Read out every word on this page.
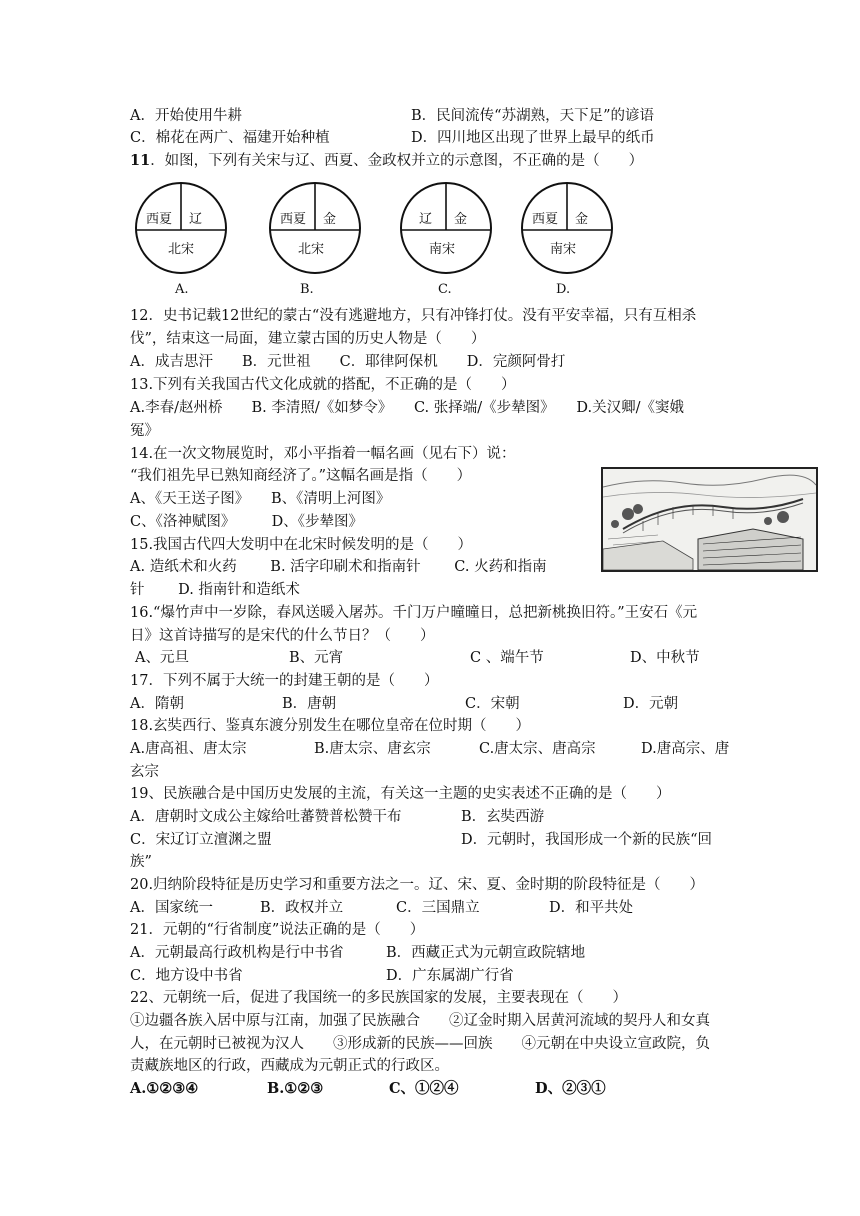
A．开始使用牛耕	B．民间流传“苏湖熟，天下足”的谚语
C．棉花在两广、福建开始种植	D．四川地区出现了世界上最早的纸币
11．如图，下列有关宋与辽、西夏、金政权并立的示意图，不正确的是（　　）
西夏 辽
北宋
A.
西夏 金
北宋
B.
辽 金
南宋
C.
西夏 金
南宋
D.
12．史书记载12世纪的蒙古“没有逃避地方，只有冲锋打仗。没有平安幸福，只有互相杀
伐”，结束这一局面，建立蒙古国的历史人物是（　　）
A．成吉思汗　　B．元世祖　　C．耶律阿保机　　D．完颜阿骨打
13.下列有关我国古代文化成就的搭配，不正确的是（　　）
A.李春/赵州桥　　B. 李清照/《如梦令》　　C. 张择端/《步辇图》　　D.关汉卿/《窦娥
冤》
14.在一次文物展览时，邓小平指着一幅名画（见右下）说：
“我们祖先早已熟知商经济了。”这幅名画是指（　　）
A、《天王送子图》　　B、《清明上河图》
C、《洛神赋图》　　　D、《步辇图》
15.我国古代四大发明中在北宋时候发明的是（　　）
A. 造纸术和火药　　 B. 活字印刷术和指南针　　 C. 火药和指南
针　　 D. 指南针和造纸术
16.“爆竹声中一岁除，春风送暖入屠苏。千门万户曈曈日，总把新桃换旧符。”王安石《元
日》这首诗描写的是宋代的什么节日？（　　）
A、元旦	B、元宵	C 、端午节	D、中秋节
17．下列不属于大统一的封建王朝的是（　　）
A．隋朝	B．唐朝	C．宋朝	D．元朝
18.玄奘西行、鉴真东渡分别发生在哪位皇帝在位时期（　　）
A.唐高祖、唐太宗	B.唐太宗、唐玄宗	C.唐太宗、唐高宗	D.唐高宗、唐
玄宗
19、民族融合是中国历史发展的主流，有关这一主题的史实表述不正确的是（　　）
A．唐朝时文成公主嫁给吐蕃赞普松赞干布	B．玄奘西游
C．宋辽订立澶渊之盟	D．元朝时，我国形成一个新的民族“回
族”
20.归纳阶段特征是历史学习和重要方法之一。辽、宋、夏、金时期的阶段特征是（　　）
A．国家统一	B．政权并立	C．三国鼎立	D．和平共处
21．元朝的“行省制度”说法正确的是（　　）
A．元朝最高行政机构是行中书省	B．西藏正式为元朝宣政院辖地
C．地方设中书省	D．广东属湖广行省
22、元朝统一后，促进了我国统一的多民族国家的发展，主要表现在（　　）
①边疆各族入居中原与江南，加强了民族融合　　②辽金时期入居黄河流域的契丹人和女真
人，在元朝时已被视为汉人　　③形成新的民族——回族　　④元朝在中央设立宣政院，负
责藏族地区的行政，西藏成为元朝正式的行政区。
A.①②③④	B.①②③	C、①②④	D、②③①
